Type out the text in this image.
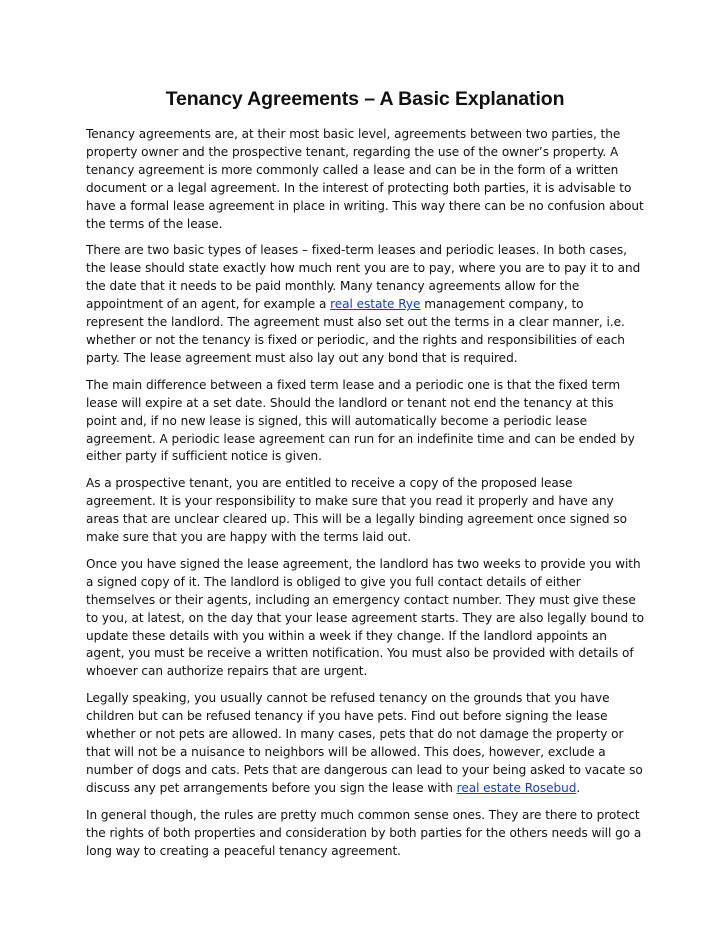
Tenancy Agreements – A Basic Explanation

Tenancy agreements are, at their most basic level, agreements between two parties, the property owner and the prospective tenant, regarding the use of the owner’s property. A tenancy agreement is more commonly called a lease and can be in the form of a written document or a legal agreement. In the interest of protecting both parties, it is advisable to have a formal lease agreement in place in writing. This way there can be no confusion about the terms of the lease.

There are two basic types of leases – fixed-term leases and periodic leases. In both cases, the lease should state exactly how much rent you are to pay, where you are to pay it to and the date that it needs to be paid monthly. Many tenancy agreements allow for the appointment of an agent, for example a real estate Rye management company, to represent the landlord. The agreement must also set out the terms in a clear manner, i.e. whether or not the tenancy is fixed or periodic, and the rights and responsibilities of each party. The lease agreement must also lay out any bond that is required.

The main difference between a fixed term lease and a periodic one is that the fixed term lease will expire at a set date. Should the landlord or tenant not end the tenancy at this point and, if no new lease is signed, this will automatically become a periodic lease agreement. A periodic lease agreement can run for an indefinite time and can be ended by either party if sufficient notice is given.

As a prospective tenant, you are entitled to receive a copy of the proposed lease agreement. It is your responsibility to make sure that you read it properly and have any areas that are unclear cleared up. This will be a legally binding agreement once signed so make sure that you are happy with the terms laid out.

Once you have signed the lease agreement, the landlord has two weeks to provide you with a signed copy of it. The landlord is obliged to give you full contact details of either themselves or their agents, including an emergency contact number. They must give these to you, at latest, on the day that your lease agreement starts. They are also legally bound to update these details with you within a week if they change. If the landlord appoints an agent, you must be receive a written notification. You must also be provided with details of whoever can authorize repairs that are urgent.

Legally speaking, you usually cannot be refused tenancy on the grounds that you have children but can be refused tenancy if you have pets. Find out before signing the lease whether or not pets are allowed. In many cases, pets that do not damage the property or that will not be a nuisance to neighbors will be allowed. This does, however, exclude a number of dogs and cats. Pets that are dangerous can lead to your being asked to vacate so discuss any pet arrangements before you sign the lease with real estate Rosebud.

In general though, the rules are pretty much common sense ones. They are there to protect the rights of both properties and consideration by both parties for the others needs will go a long way to creating a peaceful tenancy agreement.
